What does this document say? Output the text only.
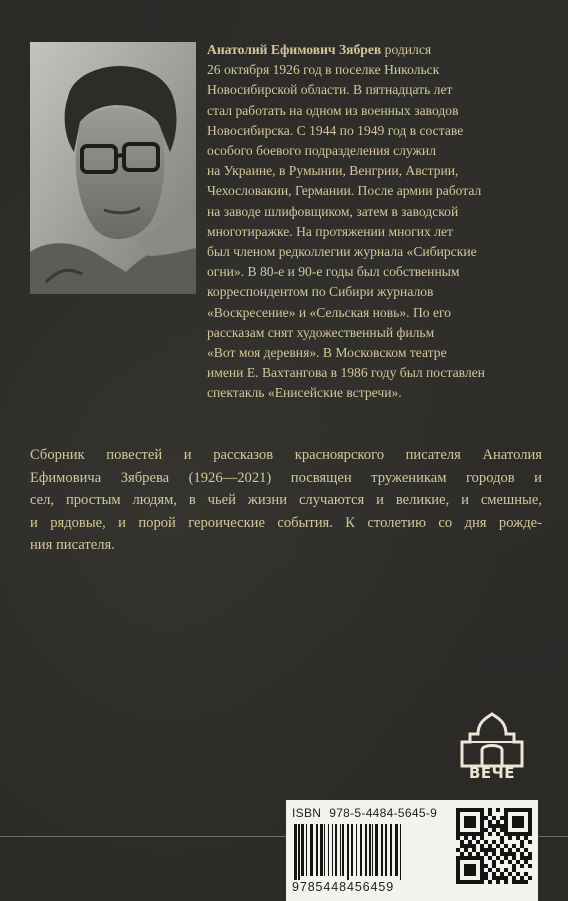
Анатолий Ефимович Зябрев родился
26 октября 1926 год в поселке Никольск
Новосибирской области. В пятнадцать лет
стал работать на одном из военных заводов
Новосибирска. С 1944 по 1949 год в составе
особого боевого подразделения служил
на Украине, в Румынии, Венгрии, Австрии,
Чехословакии, Германии. После армии работал
на заводе шлифовщиком, затем в заводской
многотиражке. На протяжении многих лет
был членом редколлегии журнала «Сибирские
огни». В 80-е и 90-е годы был собственным
корреспондентом по Сибири журналов
«Воскресение» и «Сельская новь». По его
рассказам снят художественный фильм
«Вот моя деревня». В Московском театре
имени Е. Вахтангова в 1986 году был поставлен
спектакль «Енисейские встречи».
Сборник повестей и рассказов красноярского писателя Анатолия
Ефимовича Зябрева (1926—2021) посвящен труженикам городов и
сел, простым людям, в чьей жизни случаются и великие, и смешные,
и рядовые, и порой героические события. К столетию со дня рожде-
ния писателя.
ВЕЧЕ
ISBN 978-5-4484-5645-9
9785448456459
